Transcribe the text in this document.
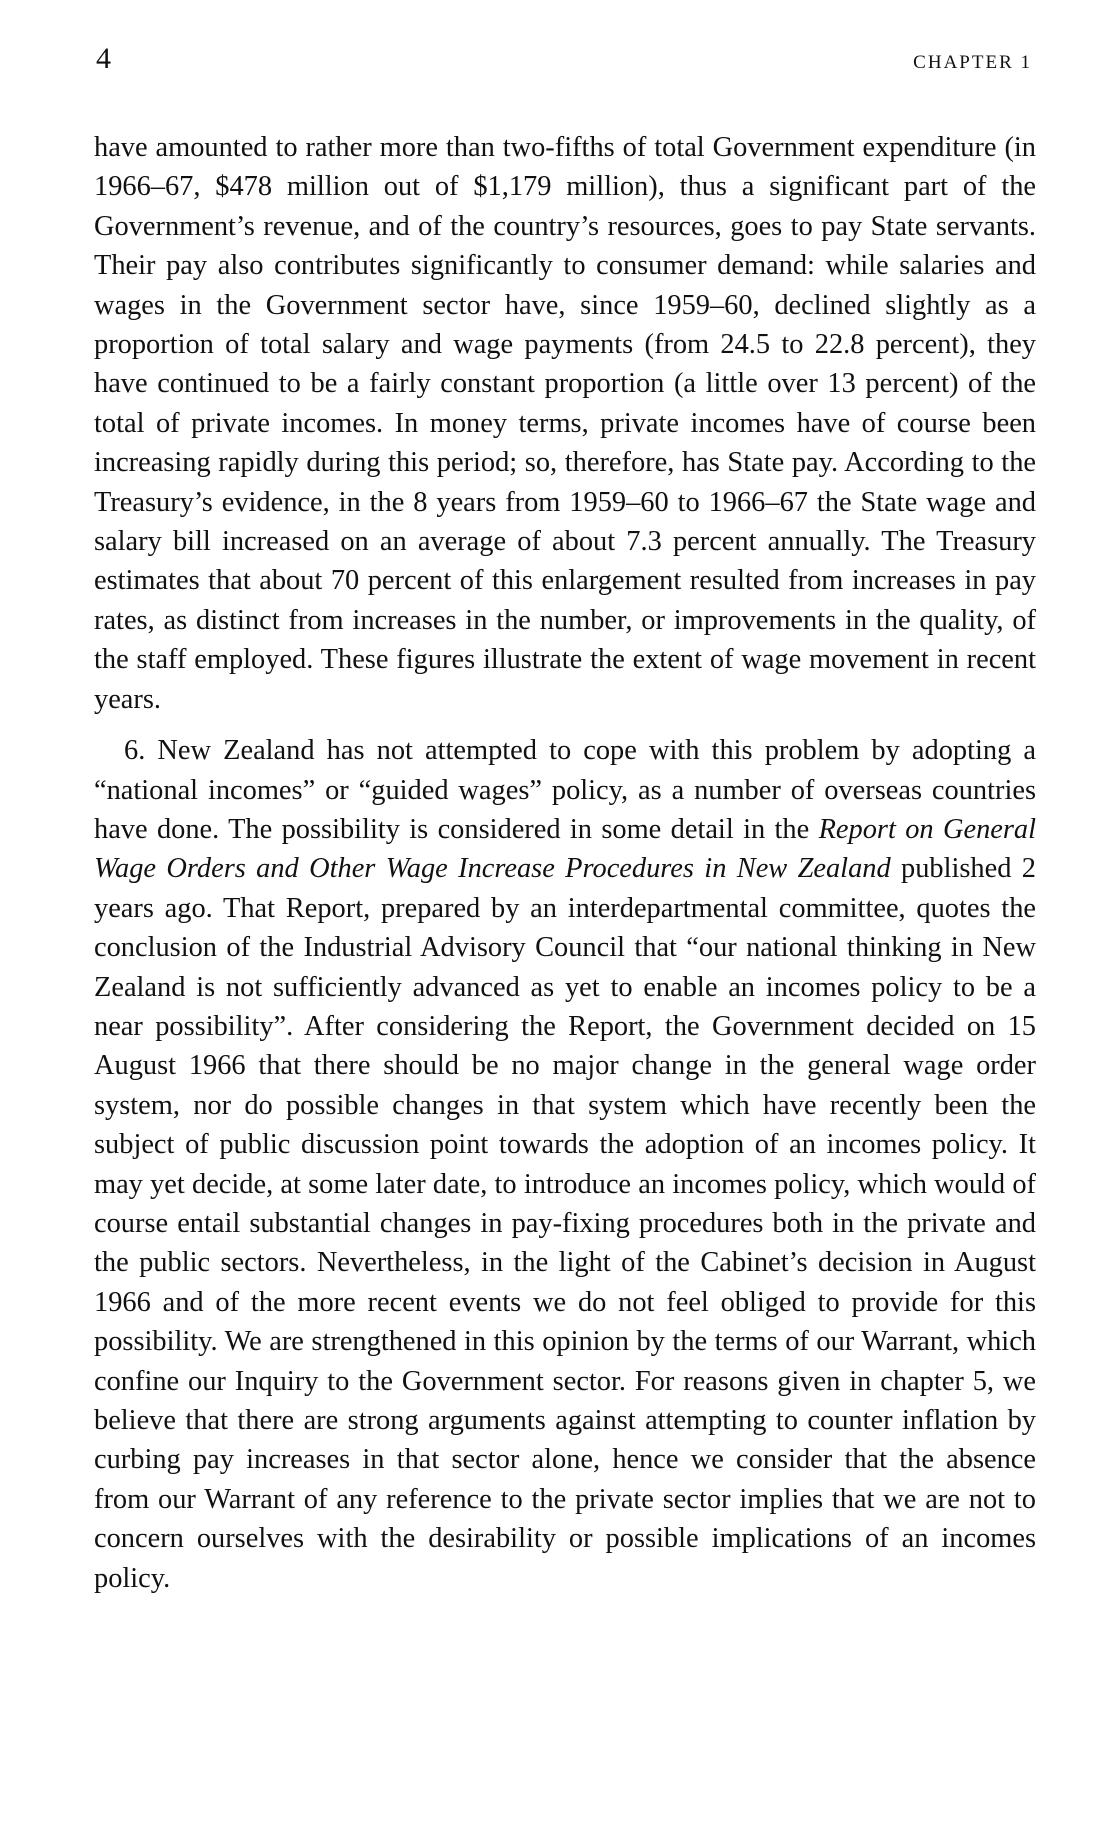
4	CHAPTER 1

have amounted to rather more than two-fifths of total Government expenditure (in 1966–67, $478 million out of $1,179 million), thus a significant part of the Government’s revenue, and of the country’s resources, goes to pay State servants. Their pay also contributes significantly to consumer demand: while salaries and wages in the Government sector have, since 1959–60, declined slightly as a proportion of total salary and wage payments (from 24.5 to 22.8 percent), they have continued to be a fairly constant proportion (a little over 13 percent) of the total of private incomes. In money terms, private incomes have of course been increasing rapidly during this period; so, therefore, has State pay. According to the Treasury’s evidence, in the 8 years from 1959–60 to 1966–67 the State wage and salary bill increased on an average of about 7.3 percent annually. The Treasury estimates that about 70 percent of this enlargement resulted from increases in pay rates, as distinct from increases in the number, or improvements in the quality, of the staff employed. These figures illustrate the extent of wage movement in recent years.

6. New Zealand has not attempted to cope with this problem by adopting a “national incomes” or “guided wages” policy, as a number of overseas countries have done. The possibility is considered in some detail in the Report on General Wage Orders and Other Wage Increase Procedures in New Zealand published 2 years ago. That Report, prepared by an interdepartmental committee, quotes the conclusion of the Industrial Advisory Council that “our national thinking in New Zealand is not sufficiently advanced as yet to enable an incomes policy to be a near possibility”. After considering the Report, the Government decided on 15 August 1966 that there should be no major change in the general wage order system, nor do possible changes in that system which have recently been the subject of public discussion point towards the adoption of an incomes policy. It may yet decide, at some later date, to introduce an incomes policy, which would of course entail substantial changes in pay-fixing procedures both in the private and the public sectors. Nevertheless, in the light of the Cabinet’s decision in August 1966 and of the more recent events we do not feel obliged to provide for this possibility. We are strengthened in this opinion by the terms of our Warrant, which confine our Inquiry to the Government sector. For reasons given in chapter 5, we believe that there are strong arguments against attempting to counter inflation by curbing pay increases in that sector alone, hence we consider that the absence from our Warrant of any reference to the private sector implies that we are not to concern ourselves with the desirability or possible implications of an incomes policy.
